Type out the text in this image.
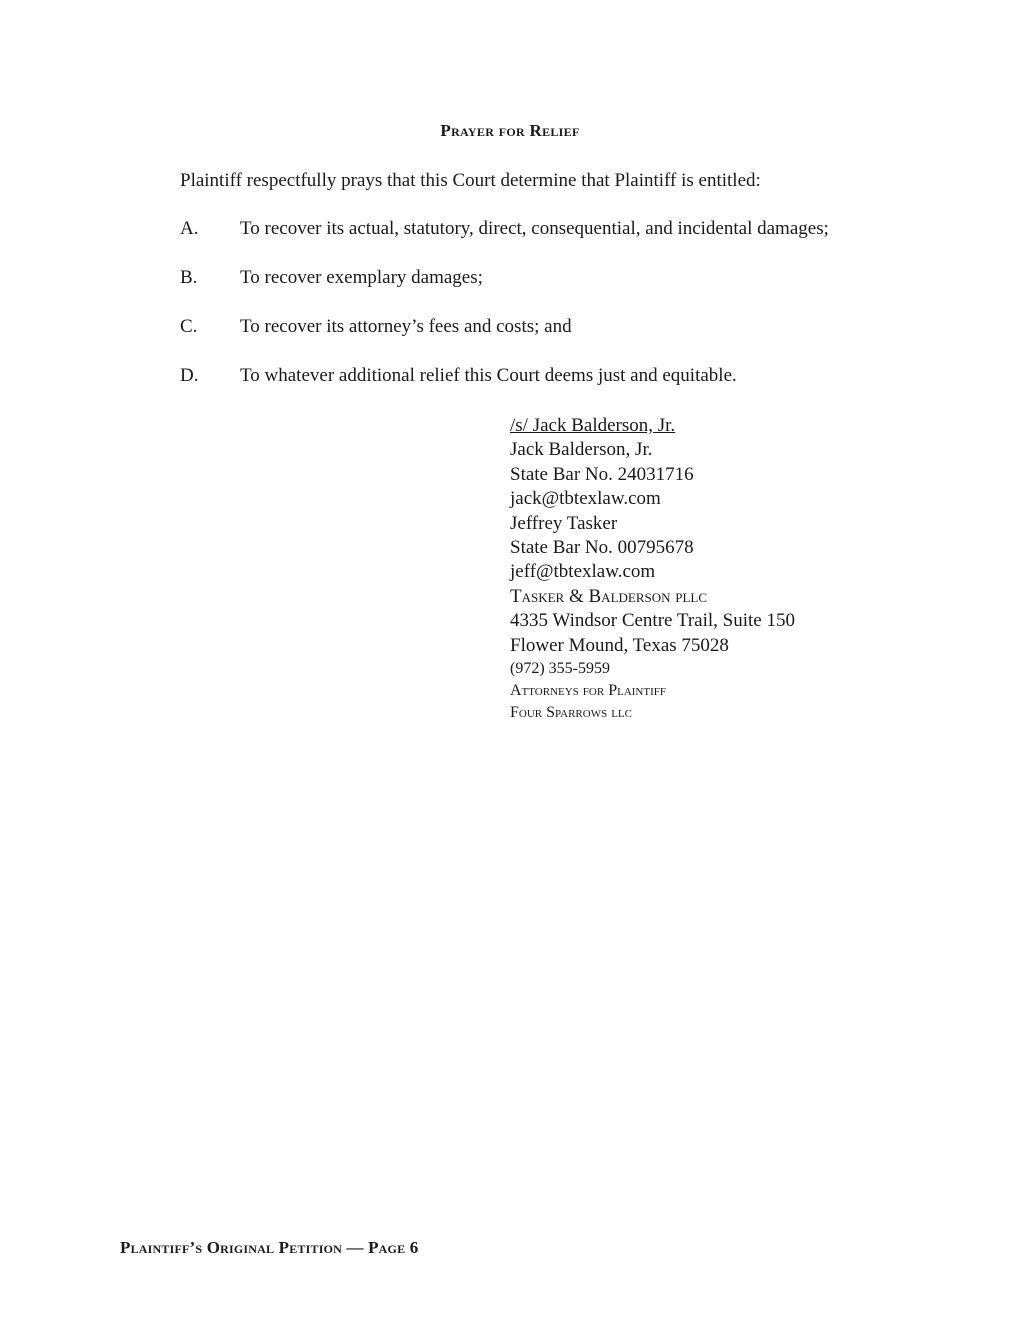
Prayer for Relief
Plaintiff respectfully prays that this Court determine that Plaintiff is entitled:
A. To recover its actual, statutory, direct, consequential, and incidental damages;
B. To recover exemplary damages;
C. To recover its attorney’s fees and costs; and
D. To whatever additional relief this Court deems just and equitable.
/s/ Jack Balderson, Jr.
Jack Balderson, Jr.
State Bar No. 24031716
jack@tbtexlaw.com
Jeffrey Tasker
State Bar No. 00795678
jeff@tbtexlaw.com
Tasker & Balderson pllc
4335 Windsor Centre Trail, Suite 150
Flower Mound, Texas 75028
(972) 355-5959
Attorneys for Plaintiff
Four Sparrows llc
Plaintiff’s Original Petition — Page 6
